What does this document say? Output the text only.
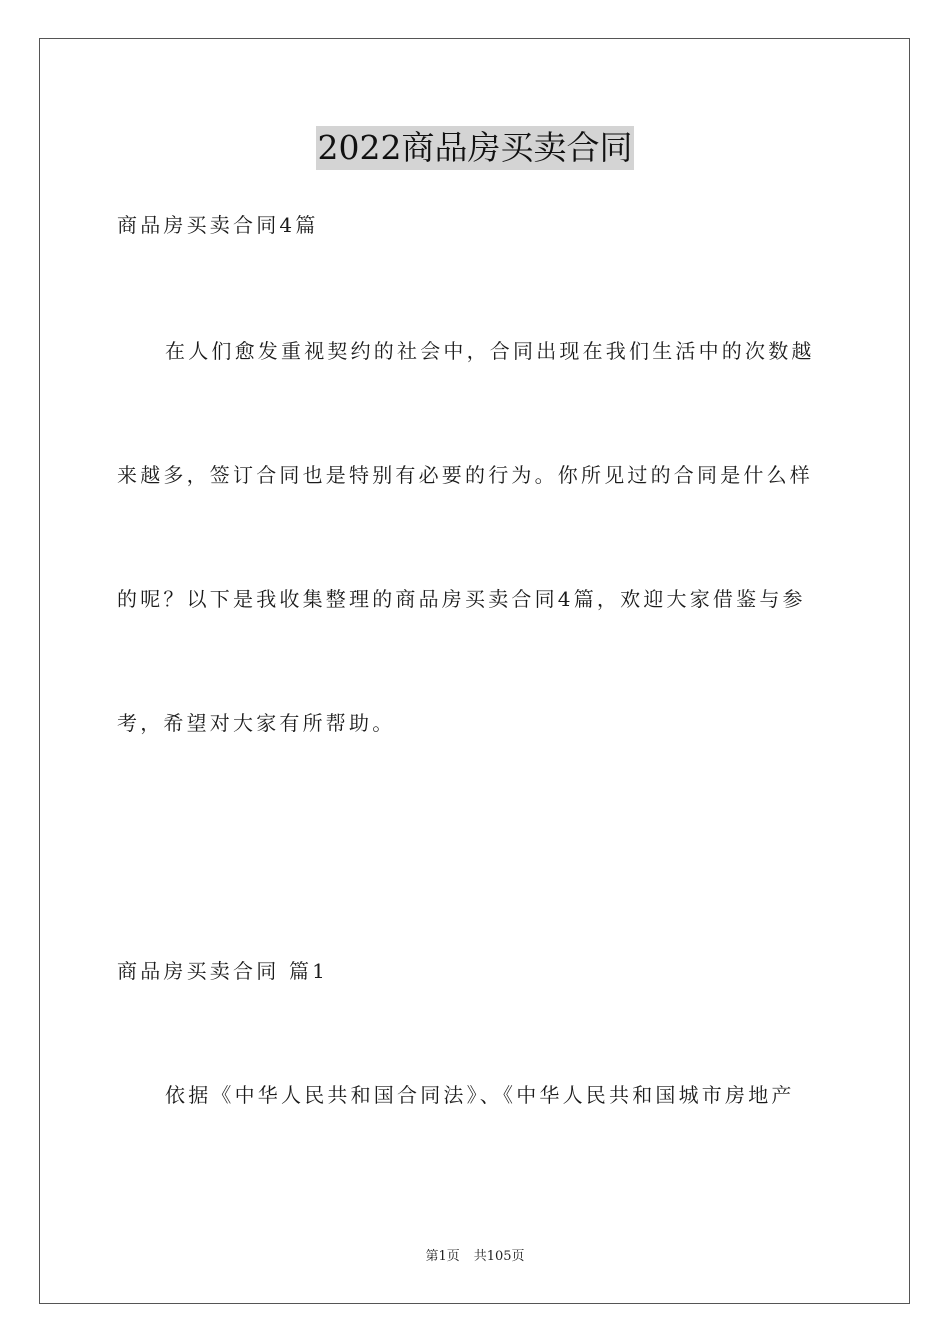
2022商品房买卖合同
商品房买卖合同4篇
在人们愈发重视契约的社会中，合同出现在我们生活中的次数越
来越多，签订合同也是特别有必要的行为。你所见过的合同是什么样
的呢？以下是我收集整理的商品房买卖合同4篇，欢迎大家借鉴与参
考，希望对大家有所帮助。
商品房买卖合同 篇1
依据《中华人民共和国合同法》、《中华人民共和国城市房地产
第1页 共105页
